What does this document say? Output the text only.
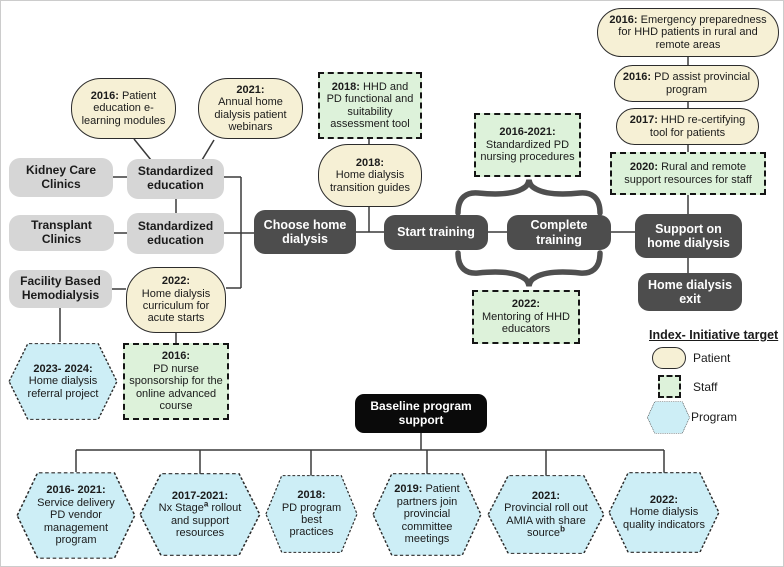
2016: Patient education e-learning modules
2021:
Annual home dialysis patient webinars
2018: HHD and PD functional and suitability assessment tool
2018:
Home dialysis transition guides
Kidney Care Clinics
Standardized education
Transplant Clinics
Standardized education
Facility Based Hemodialysis
2022:
Home dialysis curriculum for acute starts
2023- 2024:
Home dialysis referral project
2016:
PD nurse sponsorship for the online advanced course
Choose home dialysis	Start training
Complete training
Support on home dialysis
Home dialysis exit
2016-2021:
Standardized PD nursing procedures
2022:
Mentoring of HHD educators
2016: Emergency preparedness for HHD patients in rural and remote areas
2016: PD assist provincial program
2017: HHD re-certifying tool for patients
2020: Rural and remote support resources for staff
Index- Initiative target
Patient
Staff
Program
Baseline program support
2016- 2021:
Service delivery PD vendor management program
2017-2021:
Nx Stage$^a$ rollout and support resources
2018:
PD program best practices
2019: Patient partners join provincial committee meetings
2021:
Provincial roll out AMIA with share source$^b$
2022:
Home dialysis quality indicators
